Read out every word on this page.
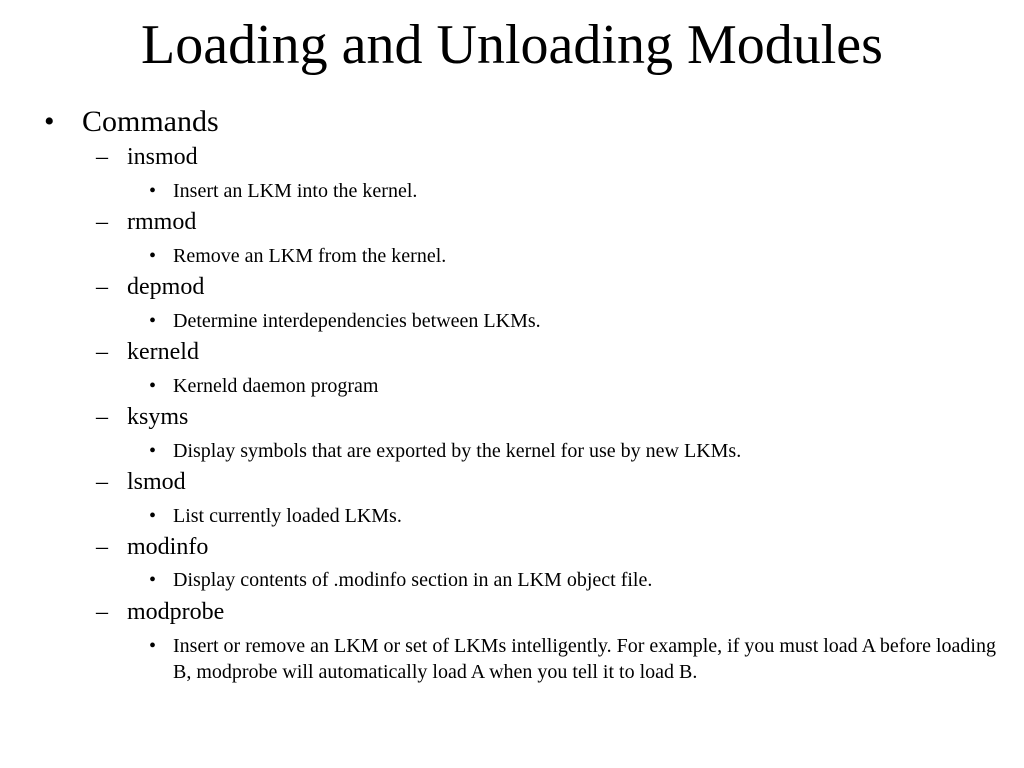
Loading and Unloading Modules
• Commands
– insmod
• Insert an LKM into the kernel.
– rmmod
• Remove an LKM from the kernel.
– depmod
• Determine interdependencies between LKMs.
– kerneld
• Kerneld daemon program
– ksyms
• Display symbols that are exported by the kernel for use by new LKMs.
– lsmod
• List currently loaded LKMs.
– modinfo
• Display contents of .modinfo section in an LKM object file.
– modprobe
• Insert or remove an LKM or set of LKMs intelligently. For example, if you must load A before loading B, modprobe will automatically load A when you tell it to load B.
